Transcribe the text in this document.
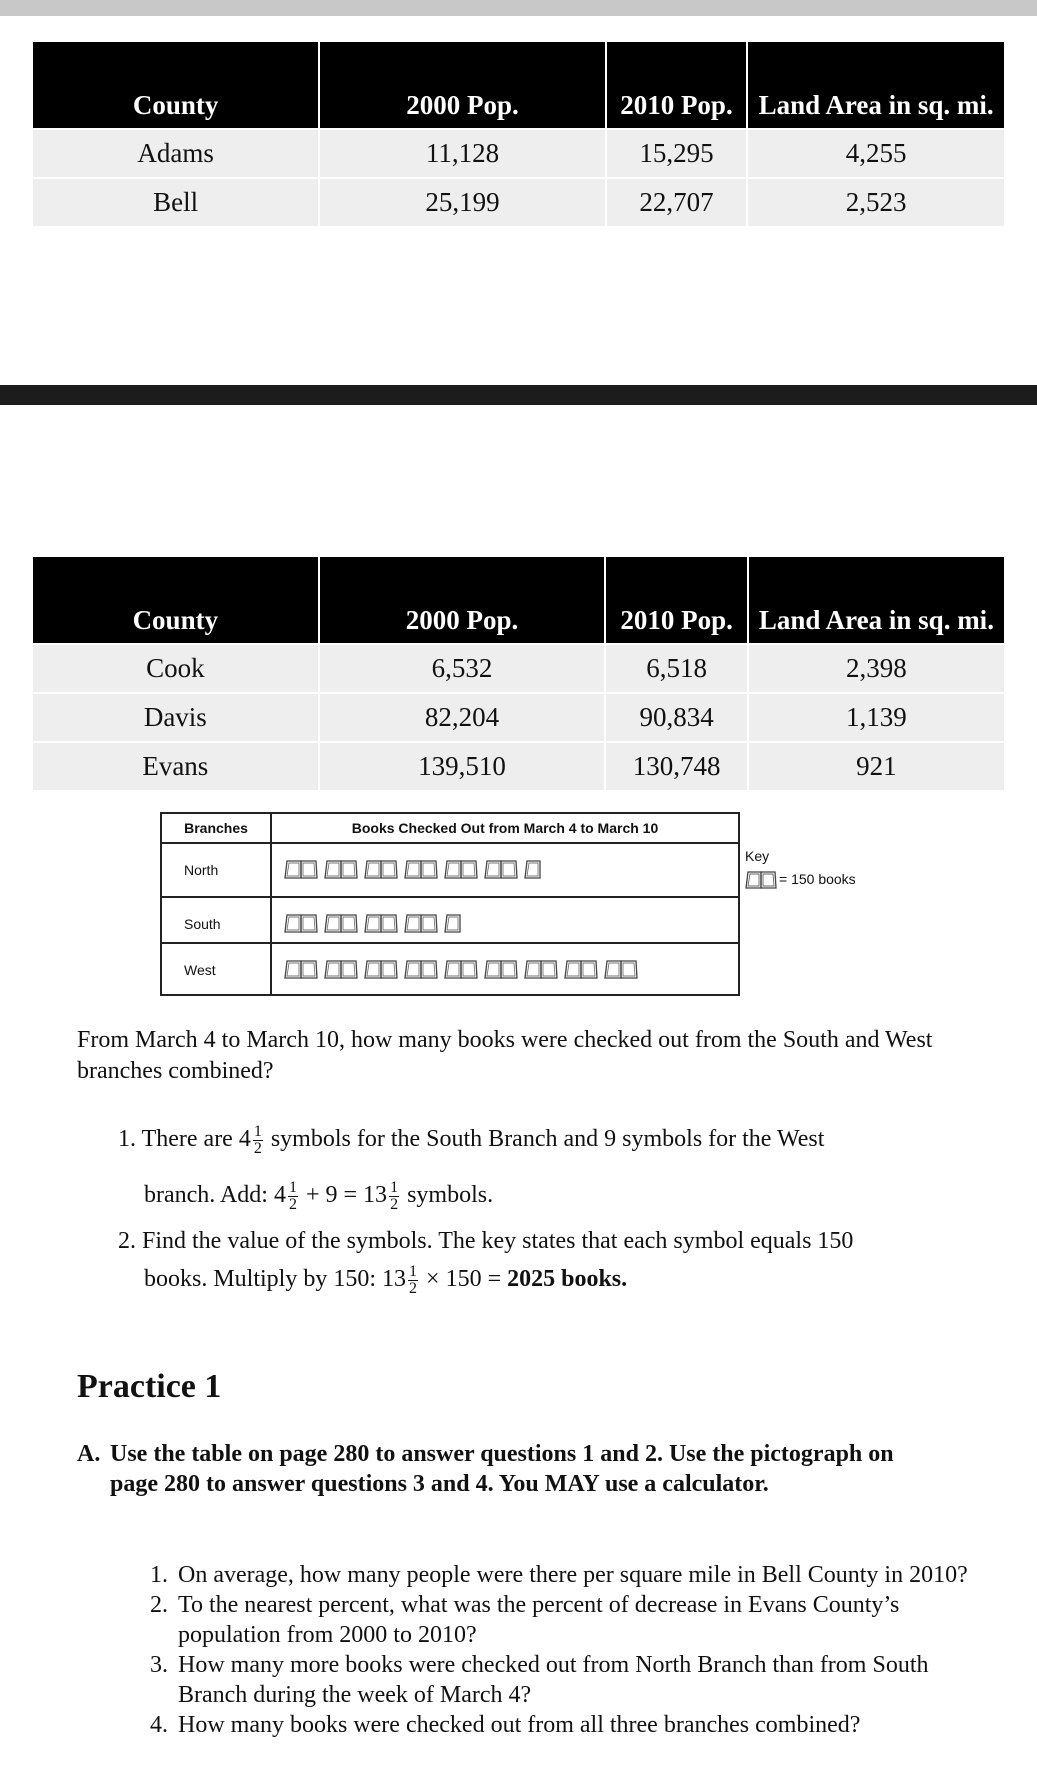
County	2000 Pop.	2010 Pop.	Land Area in sq. mi.
Adams	11,128	15,295	4,255
Bell	25,199	22,707	2,523
County	2000 Pop.	2010 Pop.	Land Area in sq. mi.
Cook	6,532	6,518	2,398
Davis	82,204	90,834	1,139
Evans	139,510	130,748	921
Branches	Books Checked Out from March 4 to March 10
North
South
West
Key
= 150 books
From March 4 to March 10, how many books were checked out from the South and West branches combined?
1. There are $4 \frac{1}{2}$ symbols for the South Branch and 9 symbols for the West
branch. Add: $4 \frac{1}{2} + 9 = 13 \frac{1}{2}$ symbols.
2. Find the value of the symbols. The key states that each symbol equals 150
books. Multiply by 150: $13 \frac{1}{2} \times 150 = 2025$ books.
Practice 1
A. Use the table on page 280 to answer questions 1 and 2. Use the pictograph on page 280 to answer questions 3 and 4. You MAY use a calculator.
1. On average, how many people were there per square mile in Bell County in 2010?
2. To the nearest percent, what was the percent of decrease in Evans County’s population from 2000 to 2010?
3. How many more books were checked out from North Branch than from South Branch during the week of March 4?
4. How many books were checked out from all three branches combined?
